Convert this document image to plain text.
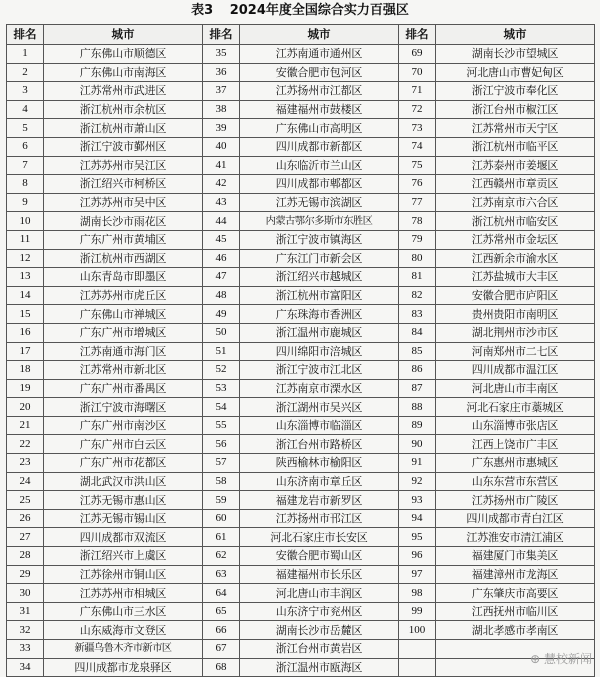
表3 2024年度全国综合实力百强区
排名	城市	排名	城市	排名	城市
1	广东佛山市顺德区	35	江苏南通市通州区	69	湖南长沙市望城区
2	广东佛山市南海区	36	安徽合肥市包河区	70	河北唐山市曹妃甸区
3	江苏常州市武进区	37	江苏扬州市江都区	71	浙江宁波市奉化区
4	浙江杭州市余杭区	38	福建福州市鼓楼区	72	浙江台州市椒江区
5	浙江杭州市萧山区	39	广东佛山市高明区	73	江苏常州市天宁区
6	浙江宁波市鄞州区	40	四川成都市新都区	74	浙江杭州市临平区
7	江苏苏州市吴江区	41	山东临沂市兰山区	75	江苏泰州市姜堰区
8	浙江绍兴市柯桥区	42	四川成都市郫都区	76	江西赣州市章贡区
9	江苏苏州市吴中区	43	江苏无锡市滨湖区	77	江苏南京市六合区
10	湖南长沙市雨花区	44	内蒙古鄂尔多斯市东胜区	78	浙江杭州市临安区
11	广东广州市黄埔区	45	浙江宁波市镇海区	79	江苏常州市金坛区
12	浙江杭州市西湖区	46	广东江门市新会区	80	江西新余市渝水区
13	山东青岛市即墨区	47	浙江绍兴市越城区	81	江苏盐城市大丰区
14	江苏苏州市虎丘区	48	浙江杭州市富阳区	82	安徽合肥市庐阳区
15	广东佛山市禅城区	49	广东珠海市香洲区	83	贵州贵阳市南明区
16	广东广州市增城区	50	浙江温州市鹿城区	84	湖北荆州市沙市区
17	江苏南通市海门区	51	四川绵阳市涪城区	85	河南郑州市二七区
18	江苏常州市新北区	52	浙江宁波市江北区	86	四川成都市温江区
19	广东广州市番禺区	53	江苏南京市溧水区	87	河北唐山市丰南区
20	浙江宁波市海曙区	54	浙江湖州市吴兴区	88	河北石家庄市藁城区
21	广东广州市南沙区	55	山东淄博市临淄区	89	山东淄博市张店区
22	广东广州市白云区	56	浙江台州市路桥区	90	江西上饶市广丰区
23	广东广州市花都区	57	陕西榆林市榆阳区	91	广东惠州市惠城区
24	湖北武汉市洪山区	58	山东济南市章丘区	92	山东东营市东营区
25	江苏无锡市惠山区	59	福建龙岩市新罗区	93	江苏扬州市广陵区
26	江苏无锡市锡山区	60	江苏扬州市邗江区	94	四川成都市青白江区
27	四川成都市双流区	61	河北石家庄市长安区	95	江苏淮安市清江浦区
28	浙江绍兴市上虞区	62	安徽合肥市蜀山区	96	福建厦门市集美区
29	江苏徐州市铜山区	63	福建福州市长乐区	97	福建漳州市龙海区
30	江苏苏州市相城区	64	河北唐山市丰润区	98	广东肇庆市高要区
31	广东佛山市三水区	65	山东济宁市兖州区	99	江西抚州市临川区
32	山东威海市文登区	66	湖南长沙市岳麓区	100	湖北孝感市孝南区
33	新疆乌鲁木齐市新市区	67	浙江台州市黄岩区		
34	四川成都市龙泉驿区	68	浙江温州市瓯海区		
⊕ 慧校新闻
